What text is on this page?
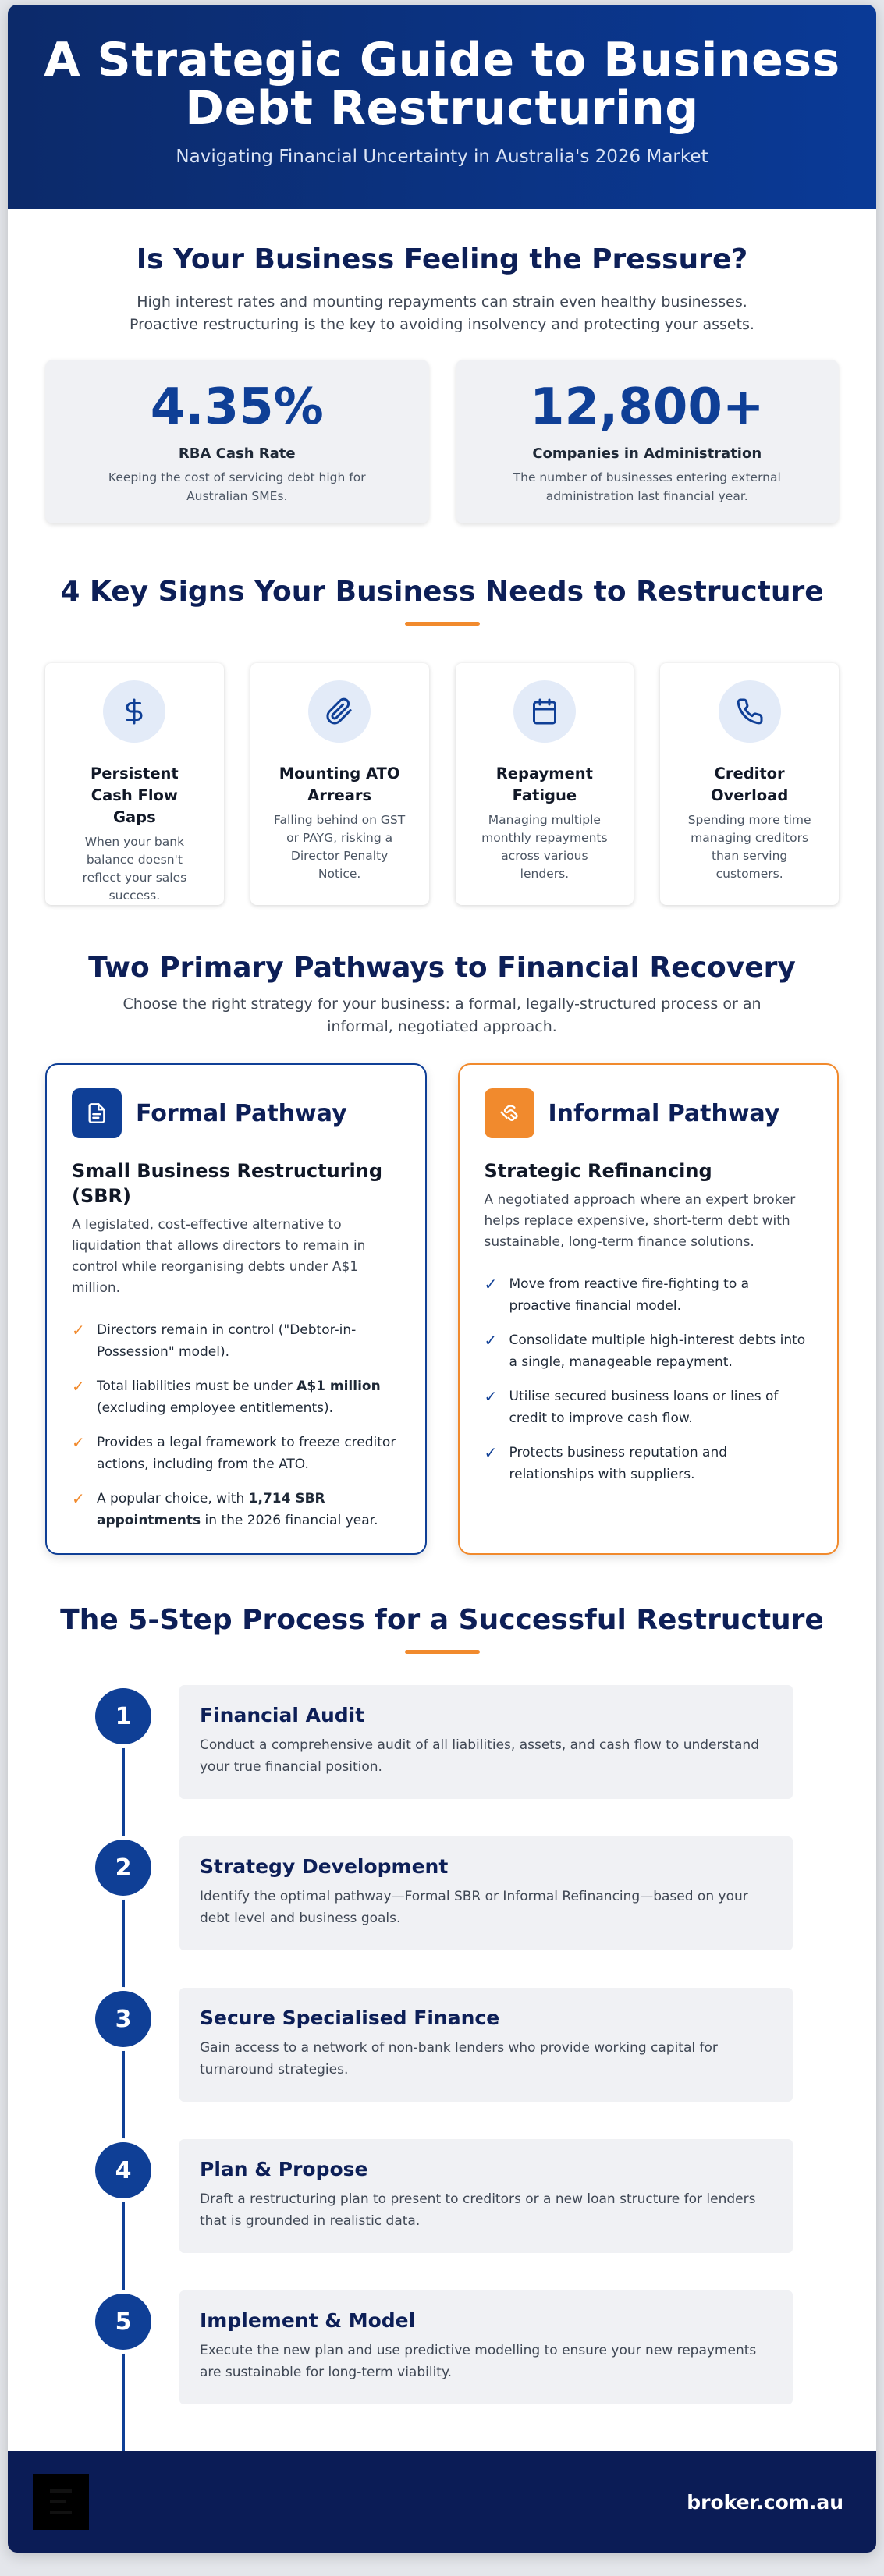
A Strategic Guide to Business
Debt Restructuring

Navigating Financial Uncertainty in Australia's 2026 Market

Is Your Business Feeling the Pressure?

High interest rates and mounting repayments can strain even healthy businesses.
Proactive restructuring is the key to avoiding insolvency and protecting your assets.

4.35%
RBA Cash Rate
Keeping the cost of servicing debt high for Australian SMEs.
12,800+
Companies in Administration
The number of businesses entering external administration last financial year.
4 Key Signs Your Business Needs to Restructure
Persistent Cash Flow Gaps
When your bank balance doesn't reflect your sales success.
Mounting ATO Arrears
Falling behind on GST or PAYG, risking a Director Penalty Notice.
Repayment Fatigue
Managing multiple monthly repayments across various lenders.
Creditor Overload
Spending more time managing creditors than serving customers.
Two Primary Pathways to Financial Recovery

Choose the right strategy for your business: a formal, legally-structured process or an
informal, negotiated approach.

Formal Pathway
Small Business Restructuring (SBR)
A legislated, cost-effective alternative to liquidation that allows directors to remain in control while reorganising debts under A$1 million.
✓ Directors remain in control ("Debtor-in-Possession" model).
✓ Total liabilities must be under A$1 million (excluding employee entitlements).
✓ Provides a legal framework to freeze creditor actions, including from the ATO.
✓ A popular choice, with 1,714 SBR appointments in the 2026 financial year.
Informal Pathway
Strategic Refinancing
A negotiated approach where an expert broker helps replace expensive, short-term debt with sustainable, long-term finance solutions.
✓ Move from reactive fire-fighting to a proactive financial model.
✓ Consolidate multiple high-interest debts into a single, manageable repayment.
✓ Utilise secured business loans or lines of credit to improve cash flow.
✓ Protects business reputation and relationships with suppliers.
The 5-Step Process for a Successful Restructure
1	Financial Audit
Conduct a comprehensive audit of all liabilities, assets, and cash flow to understand your true financial position.
2	Strategy Development
Identify the optimal pathway—Formal SBR or Informal Refinancing—based on your debt level and business goals.
3	Secure Specialised Finance
Gain access to a network of non-bank lenders who provide working capital for turnaround strategies.
4	Plan & Propose
Draft a restructuring plan to present to creditors or a new loan structure for lenders that is grounded in realistic data.
5	Implement & Model
Execute the new plan and use predictive modelling to ensure your new repayments are sustainable for long-term viability.
broker.com.au
